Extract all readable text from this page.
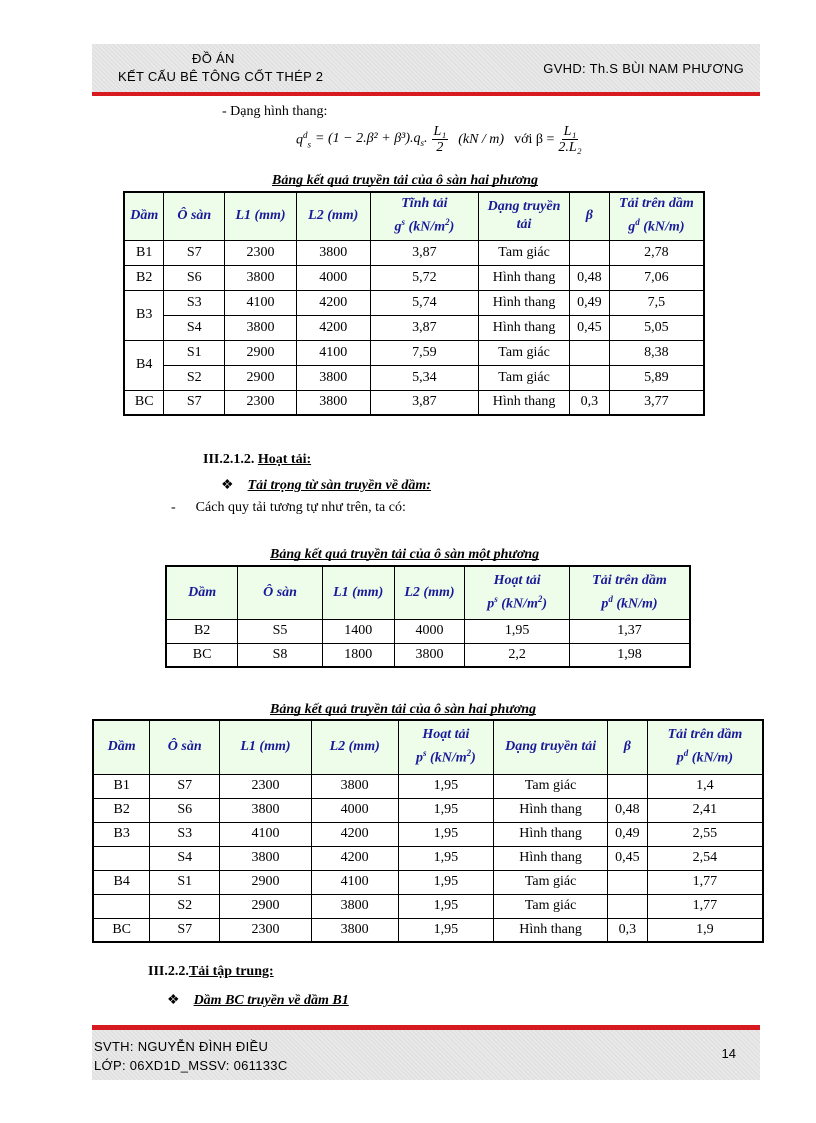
ĐỒ ÁN
KẾT CẤU BÊ TÔNG CỐT THÉP 2
GVHD: Th.S BÙI NAM PHƯƠNG
- Dạng hình thang:
$q^d_s = (1 - 2.\beta^2 + \beta^3).q_s$. $\frac{\text{L₁}}{2} (kN / m)$ với $\beta = \frac{\text{L₁}}{\text{2.L₂}}$
Bảng kết quả truyền tải của ô sàn hai phương
Dầm	Ô sàn	L1 (mm)	L2 (mm)	Tĩnh tải
$g^s$ $(kN/m^2)$	Dạng truyền
tải	β	Tải trên dầm
$g^d$ (kN/m)
B1	S7	2300	3800	3,87	Tam giác		2,78
B2	S6	3800	4000	5,72	Hình thang	0,48	7,06
B3	S3	4100	4200	5,74	Hình thang	0,49	7,5
	S4	3800	4200	3,87	Hình thang	0,45	5,05
B4	S1	2900	4100	7,59	Tam giác		8,38
	S2	2900	3800	5,34	Tam giác		5,89
BC	S7	2300	3800	3,87	Hình thang	0,3	3,77
III.2.1.2. Hoạt tải:
❖ Tải trọng từ sàn truyền về dầm:
- Cách quy tải tương tự như trên, ta có:
Bảng kết quả truyền tải của ô sàn một phương
Dầm	Ô sàn	L1 (mm)	L2 (mm)	Hoạt tải
$p^s$ $(kN/m^2)$	Tải trên dầm
$p^d$ (kN/m)
B2	S5	1400	4000	1,95	1,37
BC	S8	1800	3800	2,2	1,98
Bảng kết quả truyền tải của ô sàn hai phương
Dầm	Ô sàn	L1 (mm)	L2 (mm)	Hoạt tải
$p^s$ $(kN/m^2)$	Dạng truyền tải	β	Tải trên dầm
$p^d$ (kN/m)
B1	S7	2300	3800	1,95	Tam giác		1,4
B2	S6	3800	4000	1,95	Hình thang	0,48	2,41
B3	S3	4100	4200	1,95	Hình thang	0,49	2,55
	S4	3800	4200	1,95	Hình thang	0,45	2,54
B4	S1	2900	4100	1,95	Tam giác		1,77
	S2	2900	3800	1,95	Tam giác		1,77
BC	S7	2300	3800	1,95	Hình thang	0,3	1,9
III.2.2.Tải tập trung:
❖ Dầm BC truyền về dầm B1
SVTH: NGUYỄN ĐÌNH ĐIỀU
LỚP: 06XD1D_MSSV: 061133C
14
